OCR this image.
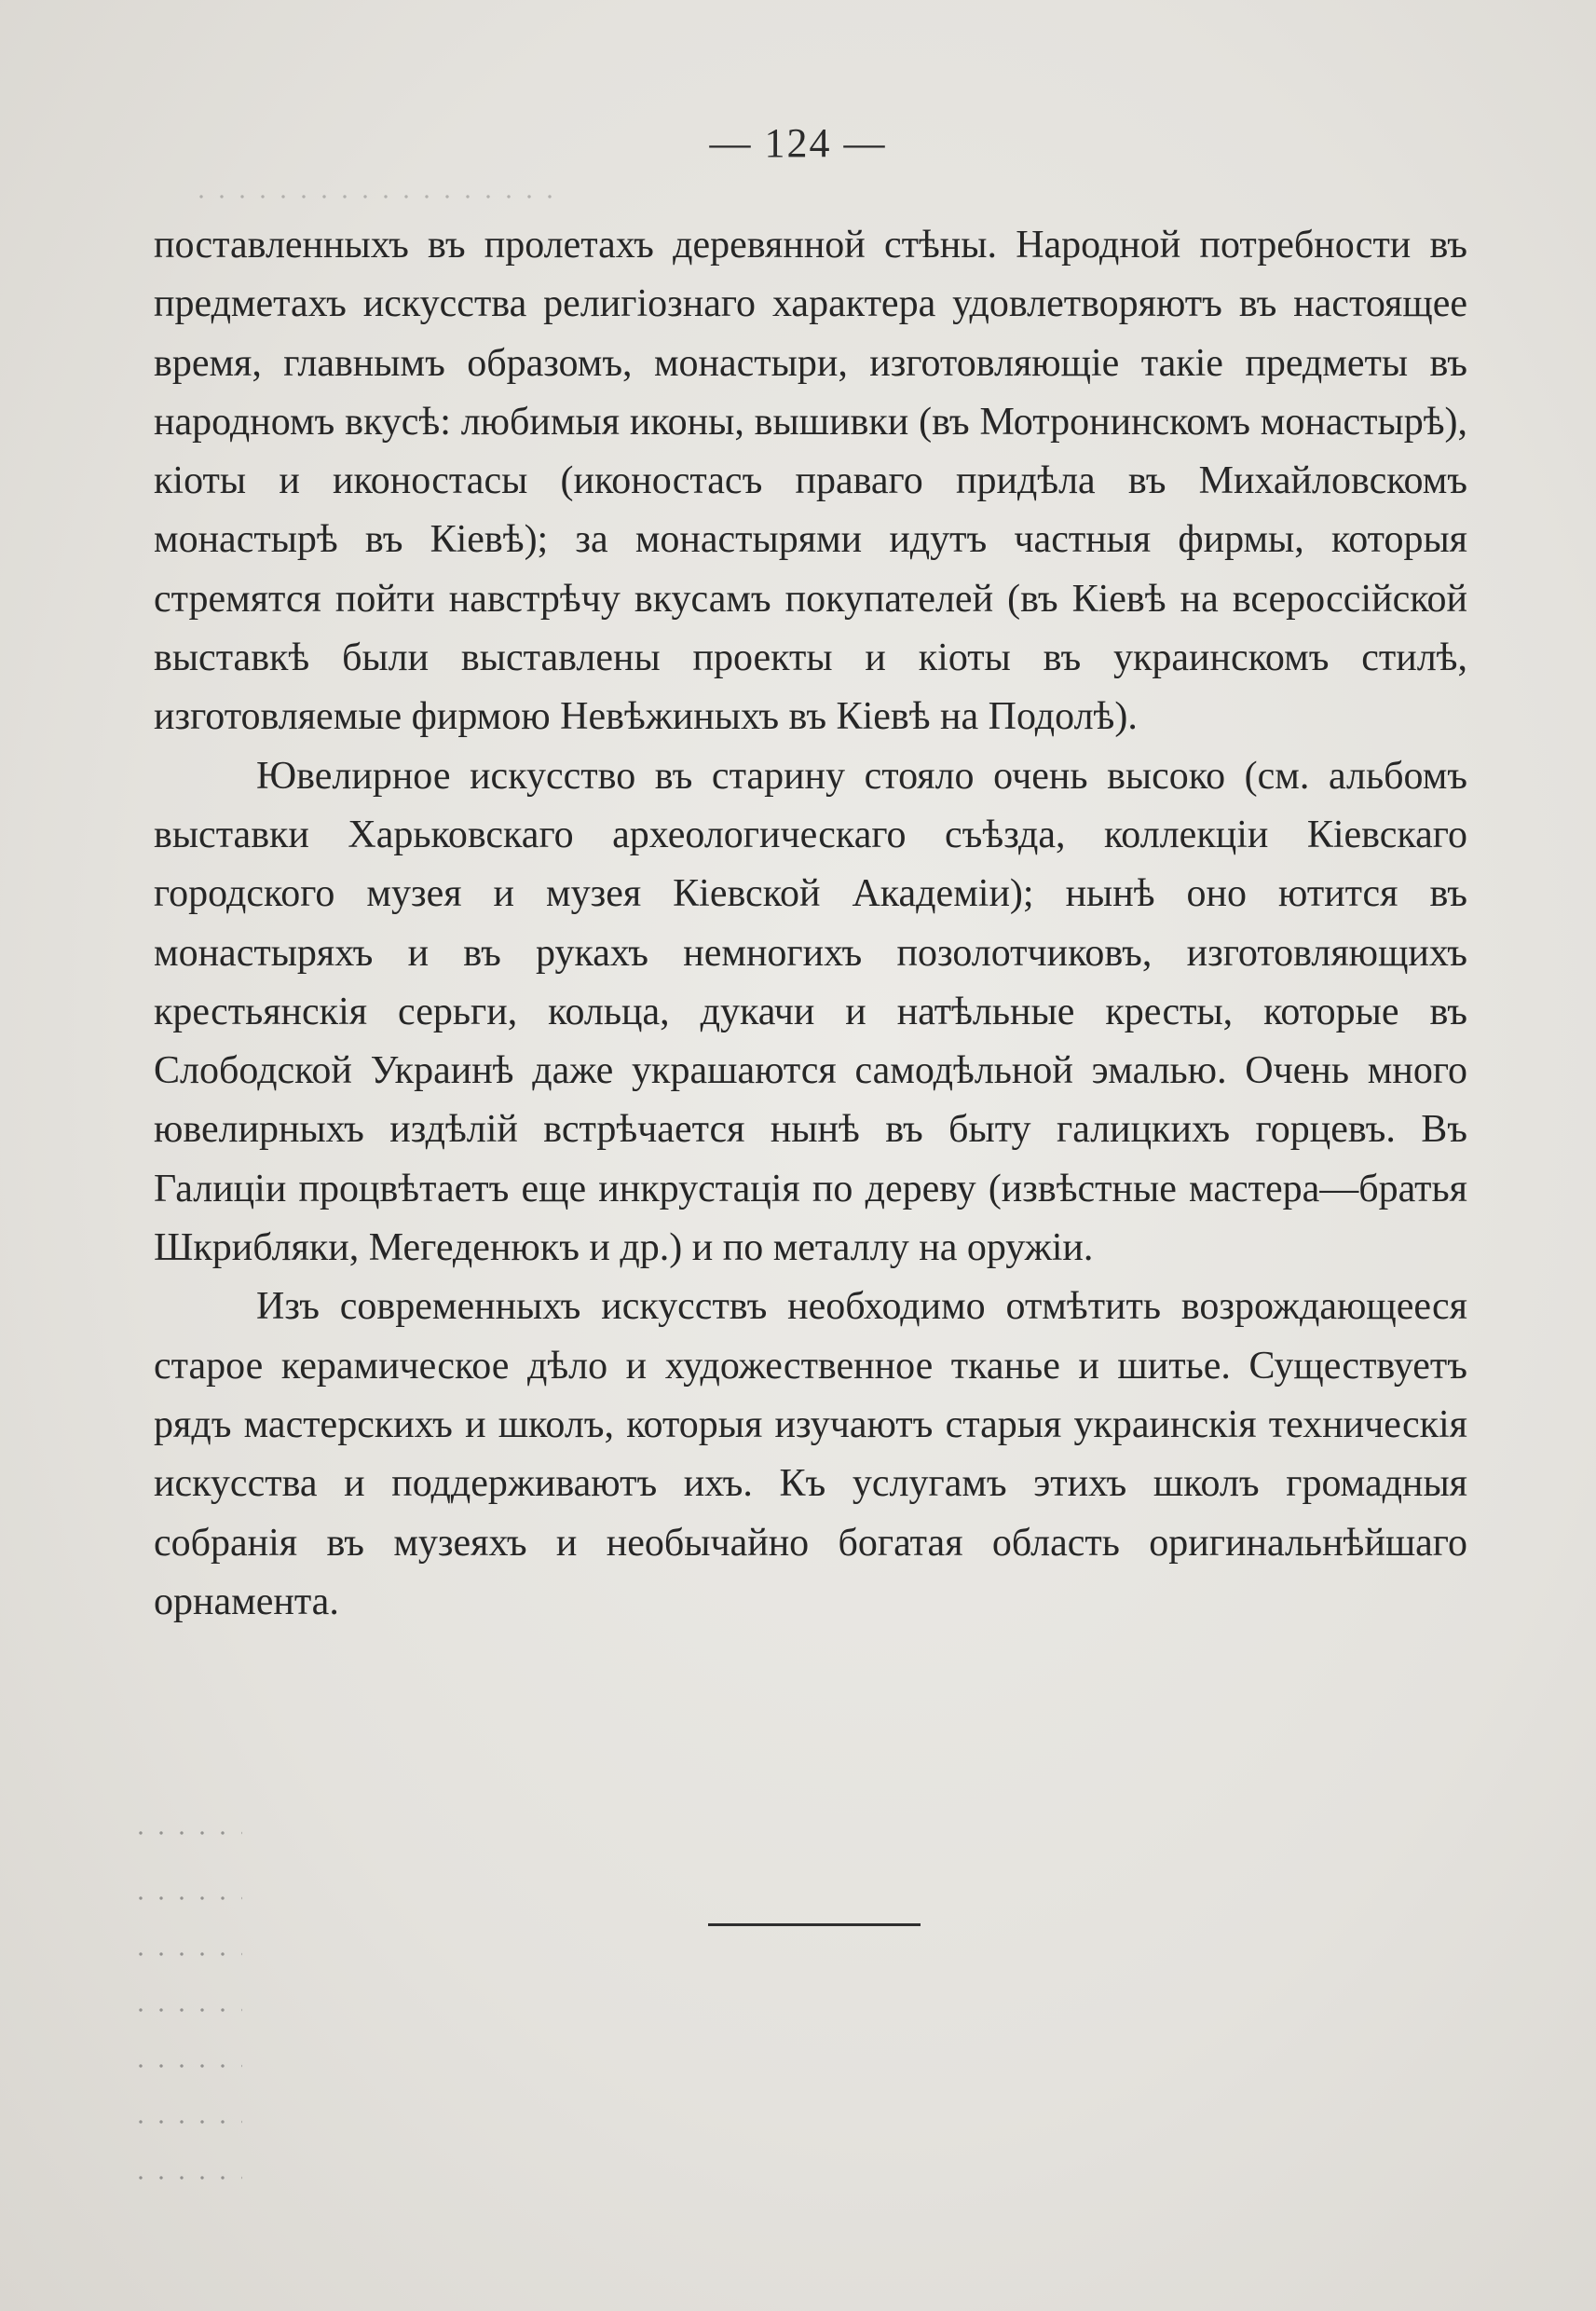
— 124 —

поставленныхъ въ пролетахъ деревянной стѣны. Народной потребности въ предметахъ искусства религіознаго характера удовлетворяютъ въ настоящее время, главнымъ образомъ, монастыри, изготовляющіе такіе предметы въ народномъ вкусѣ: любимыя иконы, вышивки (въ Мотронинскомъ монастырѣ), кіоты и иконостасы (иконостасъ праваго придѣла въ Михайловскомъ монастырѣ въ Кіевѣ); за монастырями идутъ частныя фирмы, которыя стремятся пойти навстрѣчу вкусамъ покупателей (въ Кіевѣ на всероссійской выставкѣ были выставлены проекты и кіоты въ украинскомъ стилѣ, изготовляемые фирмою Невѣжиныхъ въ Кіевѣ на Подолѣ).

Ювелирное искусство въ старину стояло очень высоко (см. альбомъ выставки Харьковскаго археологическаго съѣзда, коллекціи Кіевскаго городского музея и музея Кіевской Академіи); нынѣ оно ютится въ монастыряхъ и въ рукахъ немногихъ позолотчиковъ, изготовляющихъ крестьянскія серьги, кольца, дукачи и натѣльные кресты, которые въ Слободской Украинѣ даже украшаются самодѣльной эмалью. Очень много ювелирныхъ издѣлій встрѣчается нынѣ въ быту галицкихъ горцевъ. Въ Галиціи процвѣтаетъ еще инкрустація по дереву (извѣстные мастера—братья Шкрибляки, Мегеденюкъ и др.) и по металлу на оружіи.

Изъ современныхъ искусствъ необходимо отмѣтить возрождающееся старое керамическое дѣло и художественное тканье и шитье. Существуетъ рядъ мастерскихъ и школъ, которыя изучаютъ старыя украинскія техническія искусства и поддерживаютъ ихъ. Къ услугамъ этихъ школъ громадныя собранія въ музеяхъ и необычайно богатая область оригинальнѣйшаго орнамента.
